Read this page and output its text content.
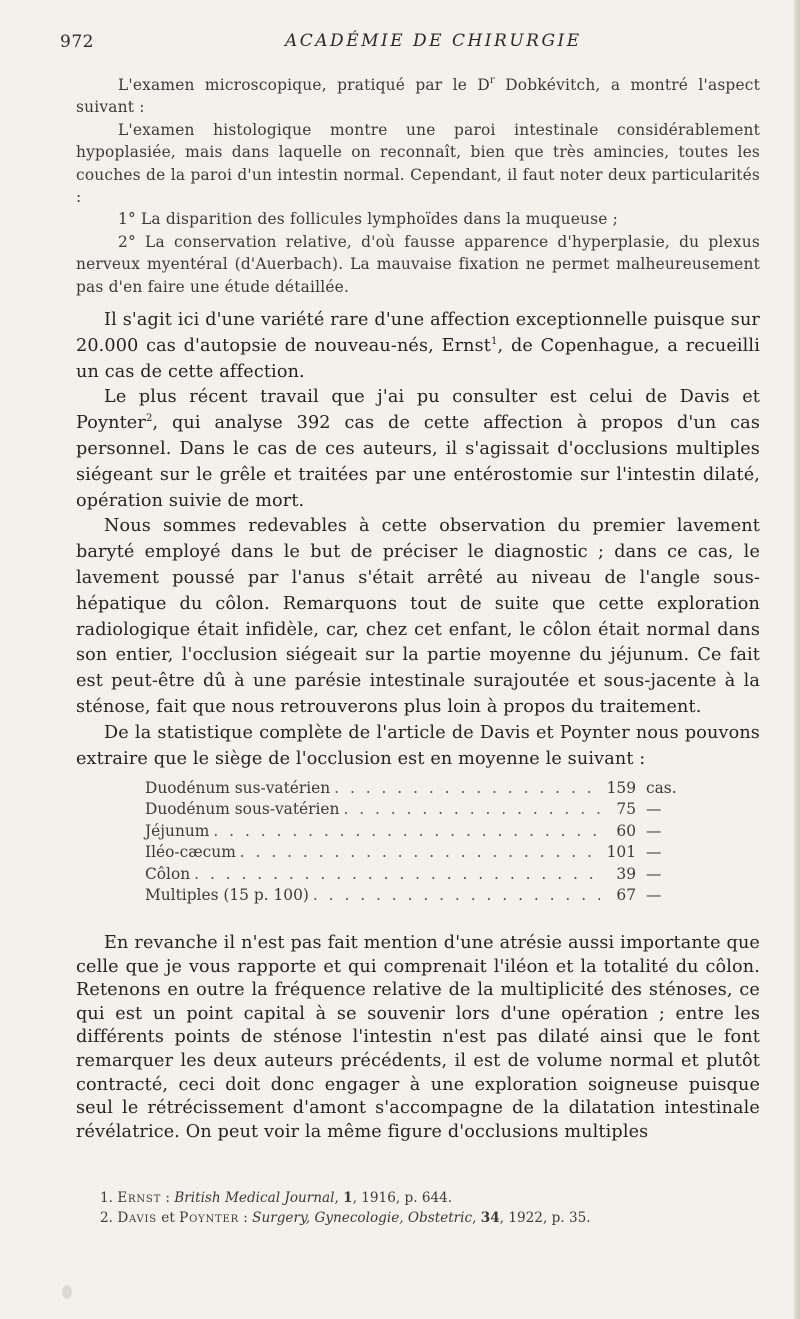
972	ACADÉMIE DE CHIRURGIE

L'examen microscopique, pratiqué par le $D^r$ Dobkévitch, a montré l'aspect suivant :

L'examen histologique montre une paroi intestinale considérablement hypoplasiée, mais dans laquelle on reconnaît, bien que très amincies, toutes les couches de la paroi d'un intestin normal. Cependant, il faut noter deux particularités :

1° La disparition des follicules lymphoïdes dans la muqueuse ;

2° La conservation relative, d'où fausse apparence d'hyperplasie, du plexus nerveux myentéral (d'Auerbach). La mauvaise fixation ne permet malheureusement pas d'en faire une étude détaillée.

Il s'agit ici d'une variété rare d'une affection exceptionnelle puisque sur 20.000 cas d'autopsie de nouveau-nés, Ernst$^1$, de Copenhague, a recueilli un cas de cette affection.

Le plus récent travail que j'ai pu consulter est celui de Davis et Poynter$^2$, qui analyse 392 cas de cette affection à propos d'un cas personnel. Dans le cas de ces auteurs, il s'agissait d'occlusions multiples siégeant sur le grêle et traitées par une entérostomie sur l'intestin dilaté, opération suivie de mort.

Nous sommes redevables à cette observation du premier lavement baryté employé dans le but de préciser le diagnostic ; dans ce cas, le lavement poussé par l'anus s'était arrêté au niveau de l'angle sous-hépatique du côlon. Remarquons tout de suite que cette exploration radiologique était infidèle, car, chez cet enfant, le côlon était normal dans son entier, l'occlusion siégeait sur la partie moyenne du jéjunum. Ce fait est peut-être dû à une parésie intestinale surajoutée et sous-jacente à la sténose, fait que nous retrouverons plus loin à propos du traitement.

De la statistique complète de l'article de Davis et Poynter nous pouvons extraire que le siège de l'occlusion est en moyenne le suivant :

Duodénum sus-vatérien . . .	159 cas.
Duodénum sous-vatérien . . .	75 —
Jéjunum . . .	60 —
Iléo-cæcum . . .	101 —
Côlon . . .	39 —
Multiples (15 p. 100) . . .	67 —

En revanche il n'est pas fait mention d'une atrésie aussi importante que celle que je vous rapporte et qui comprenait l'iléon et la totalité du côlon. Retenons en outre la fréquence relative de la multiplicité des sténoses, ce qui est un point capital à se souvenir lors d'une opération ; entre les différents points de sténose l'intestin n'est pas dilaté ainsi que le font remarquer les deux auteurs précédents, il est de volume normal et plutôt contracté, ceci doit donc engager à une exploration soigneuse puisque seul le rétrécissement d'amont s'accompagne de la dilatation intestinale révélatrice. On peut voir la même figure d'occlusions multiples

1. Ernst : British Medical Journal, 1, 1916, p. 644.
2. Davis et Poynter : Surgery, Gynecologie, Obstetric, 34, 1922, p. 35.
